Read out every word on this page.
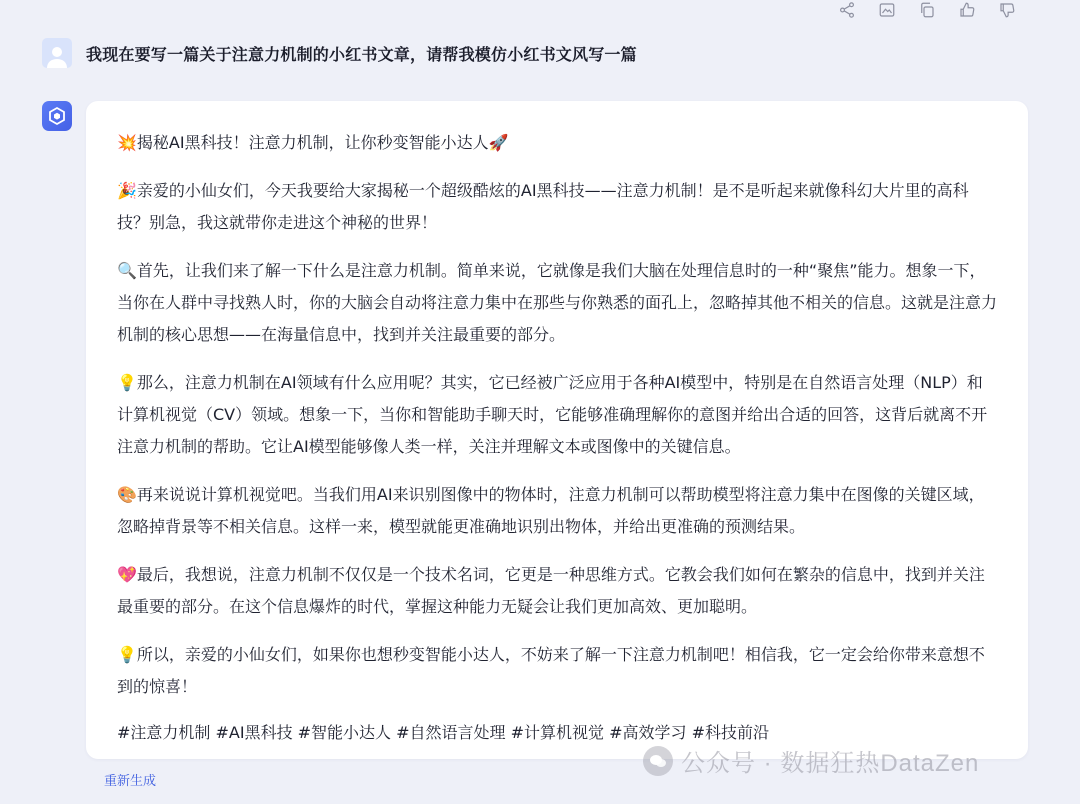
我现在要写一篇关于注意力机制的小红书文章，请帮我模仿小红书文风写一篇

💥揭秘AI黑科技！注意力机制，让你秒变智能小达人🚀

🎉亲爱的小仙女们，今天我要给大家揭秘一个超级酷炫的AI黑科技——注意力机制！是不是听起来就像科幻大片里的高科技？别急，我这就带你走进这个神秘的世界！

🔍首先，让我们来了解一下什么是注意力机制。简单来说，它就像是我们大脑在处理信息时的一种“聚焦”能力。想象一下，当你在人群中寻找熟人时，你的大脑会自动将注意力集中在那些与你熟悉的面孔上，忽略掉其他不相关的信息。这就是注意力机制的核心思想——在海量信息中，找到并关注最重要的部分。

💡那么，注意力机制在AI领域有什么应用呢？其实，它已经被广泛应用于各种AI模型中，特别是在自然语言处理（NLP）和计算机视觉（CV）领域。想象一下，当你和智能助手聊天时，它能够准确理解你的意图并给出合适的回答，这背后就离不开注意力机制的帮助。它让AI模型能够像人类一样，关注并理解文本或图像中的关键信息。

🎨再来说说计算机视觉吧。当我们用AI来识别图像中的物体时，注意力机制可以帮助模型将注意力集中在图像的关键区域，忽略掉背景等不相关信息。这样一来，模型就能更准确地识别出物体，并给出更准确的预测结果。

💖最后，我想说，注意力机制不仅仅是一个技术名词，它更是一种思维方式。它教会我们如何在繁杂的信息中，找到并关注最重要的部分。在这个信息爆炸的时代，掌握这种能力无疑会让我们更加高效、更加聪明。

💡所以，亲爱的小仙女们，如果你也想秒变智能小达人，不妨来了解一下注意力机制吧！相信我，它一定会给你带来意想不到的惊喜！

#注意力机制 #AI黑科技 #智能小达人 #自然语言处理 #计算机视觉 #高效学习 #科技前沿

重新生成
公众号 · 数据狂热DataZen
